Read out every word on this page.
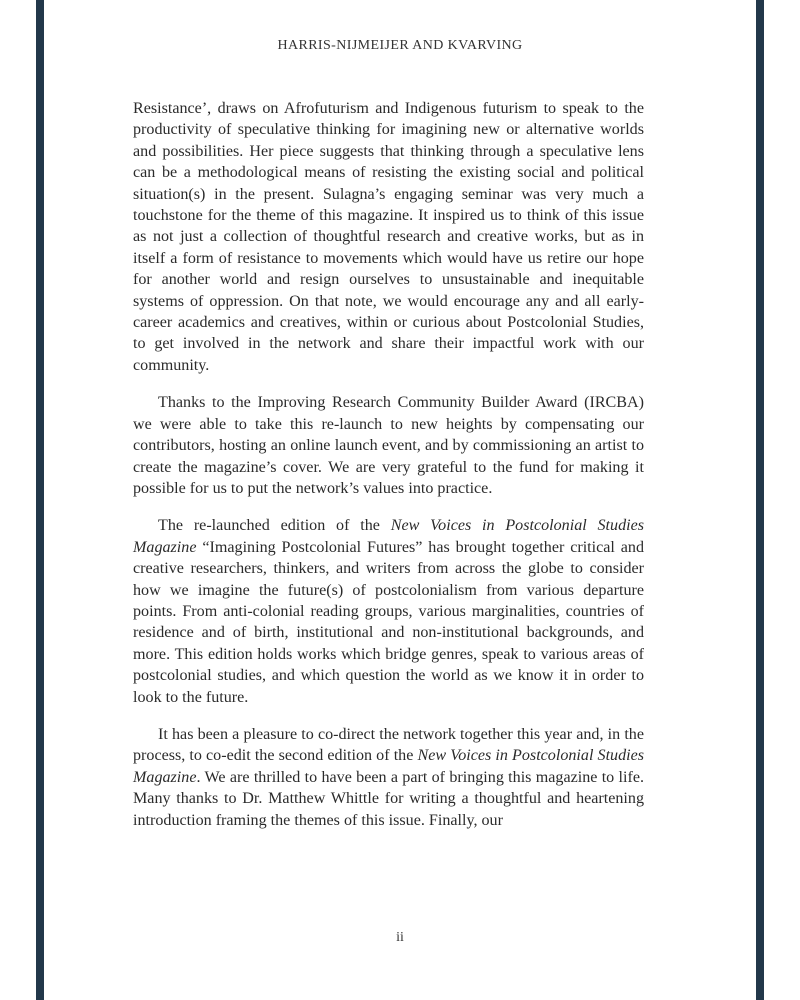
HARRIS-NIJMEIJER AND KVARVING

Resistance’, draws on Afrofuturism and Indigenous futurism to speak to the productivity of speculative thinking for imagining new or alternative worlds and possibilities. Her piece suggests that thinking through a speculative lens can be a methodological means of resisting the existing social and political situation(s) in the present. Sulagna’s engaging seminar was very much a touchstone for the theme of this magazine. It inspired us to think of this issue as not just a collection of thoughtful research and creative works, but as in itself a form of resistance to movements which would have us retire our hope for another world and resign ourselves to unsustainable and inequitable systems of oppression. On that note, we would encourage any and all early-career academics and creatives, within or curious about Postcolonial Studies, to get involved in the network and share their impactful work with our community.

Thanks to the Improving Research Community Builder Award (IRCBA) we were able to take this re-launch to new heights by compensating our contributors, hosting an online launch event, and by commissioning an artist to create the magazine’s cover. We are very grateful to the fund for making it possible for us to put the network’s values into practice.

The re-launched edition of the New Voices in Postcolonial Studies Magazine “Imagining Postcolonial Futures” has brought together critical and creative researchers, thinkers, and writers from across the globe to consider how we imagine the future(s) of postcolonialism from various departure points. From anti-colonial reading groups, various marginalities, countries of residence and of birth, institutional and non-institutional backgrounds, and more. This edition holds works which bridge genres, speak to various areas of postcolonial studies, and which question the world as we know it in order to look to the future.

It has been a pleasure to co-direct the network together this year and, in the process, to co-edit the second edition of the New Voices in Postcolonial Studies Magazine. We are thrilled to have been a part of bringing this magazine to life. Many thanks to Dr. Matthew Whittle for writing a thoughtful and heartening introduction framing the themes of this issue. Finally, our

ii
